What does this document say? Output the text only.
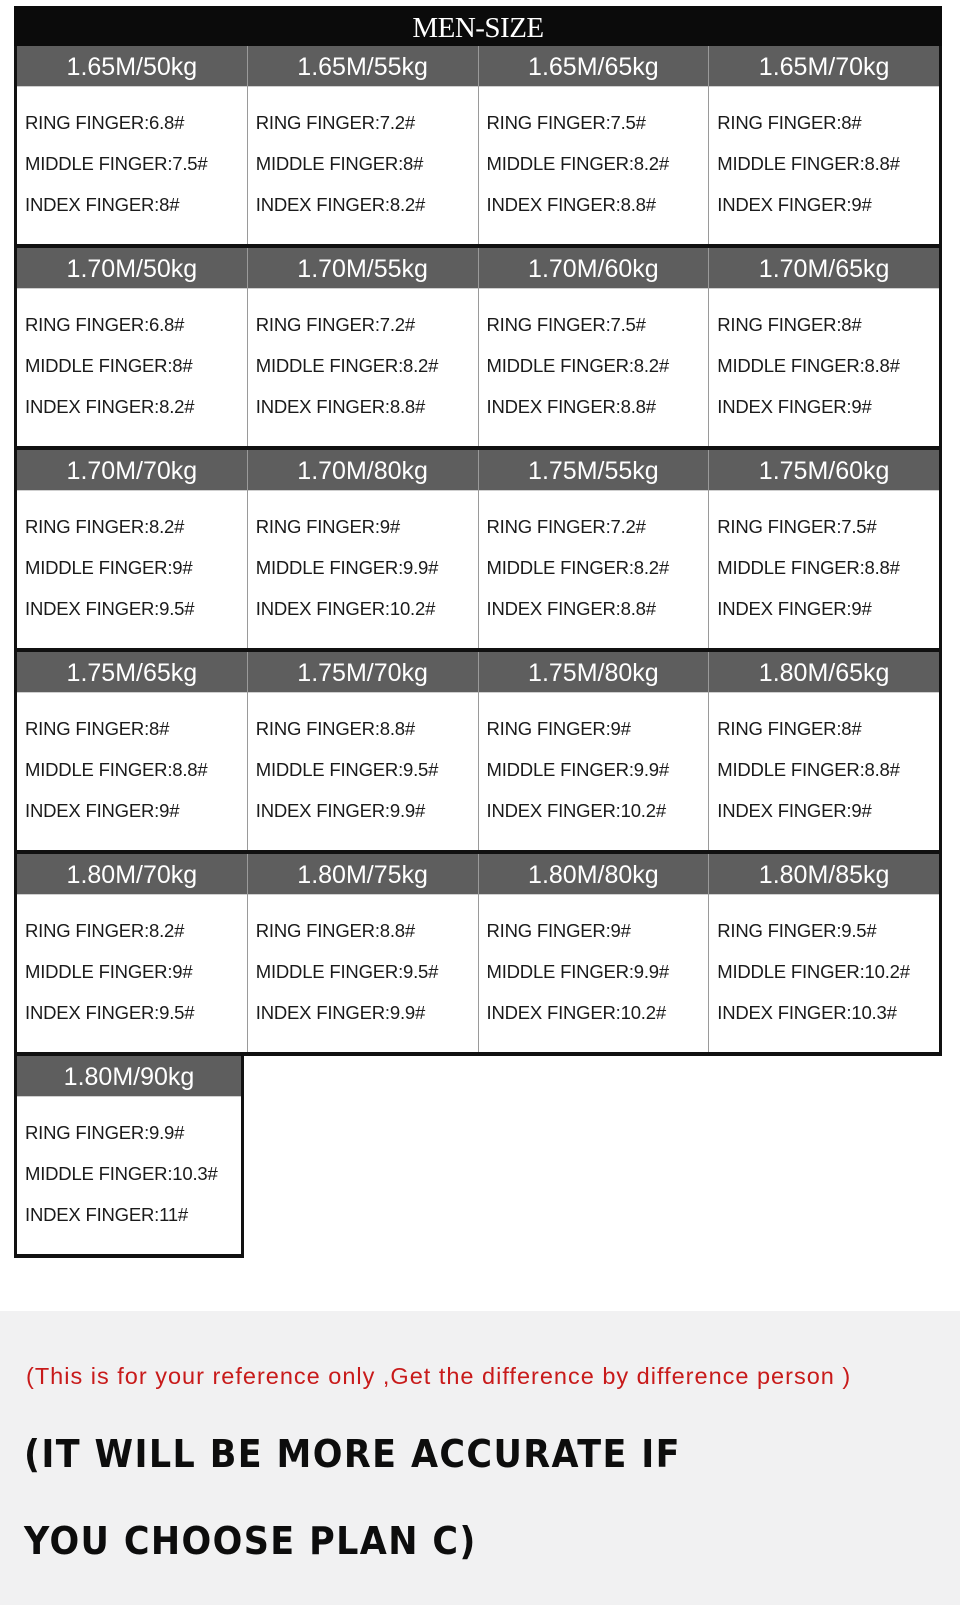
MEN-SIZE
1.65M/50kg
RING FINGER:6.8#
MIDDLE FINGER:7.5#
INDEX FINGER:8#
1.65M/55kg
RING FINGER:7.2#
MIDDLE FINGER:8#
INDEX FINGER:8.2#
1.65M/65kg
RING FINGER:7.5#
MIDDLE FINGER:8.2#
INDEX FINGER:8.8#
1.65M/70kg
RING FINGER:8#
MIDDLE FINGER:8.8#
INDEX FINGER:9#
1.70M/50kg
RING FINGER:6.8#
MIDDLE FINGER:8#
INDEX FINGER:8.2#
1.70M/55kg
RING FINGER:7.2#
MIDDLE FINGER:8.2#
INDEX FINGER:8.8#
1.70M/60kg
RING FINGER:7.5#
MIDDLE FINGER:8.2#
INDEX FINGER:8.8#
1.70M/65kg
RING FINGER:8#
MIDDLE FINGER:8.8#
INDEX FINGER:9#
1.70M/70kg
RING FINGER:8.2#
MIDDLE FINGER:9#
INDEX FINGER:9.5#
1.70M/80kg
RING FINGER:9#
MIDDLE FINGER:9.9#
INDEX FINGER:10.2#
1.75M/55kg
RING FINGER:7.2#
MIDDLE FINGER:8.2#
INDEX FINGER:8.8#
1.75M/60kg
RING FINGER:7.5#
MIDDLE FINGER:8.8#
INDEX FINGER:9#
1.75M/65kg
RING FINGER:8#
MIDDLE FINGER:8.8#
INDEX FINGER:9#
1.75M/70kg
RING FINGER:8.8#
MIDDLE FINGER:9.5#
INDEX FINGER:9.9#
1.75M/80kg
RING FINGER:9#
MIDDLE FINGER:9.9#
INDEX FINGER:10.2#
1.80M/65kg
RING FINGER:8#
MIDDLE FINGER:8.8#
INDEX FINGER:9#
1.80M/70kg
RING FINGER:8.2#
MIDDLE FINGER:9#
INDEX FINGER:9.5#
1.80M/75kg
RING FINGER:8.8#
MIDDLE FINGER:9.5#
INDEX FINGER:9.9#
1.80M/80kg
RING FINGER:9#
MIDDLE FINGER:9.9#
INDEX FINGER:10.2#
1.80M/85kg
RING FINGER:9.5#
MIDDLE FINGER:10.2#
INDEX FINGER:10.3#
1.80M/90kg
RING FINGER:9.9#
MIDDLE FINGER:10.3#
INDEX FINGER:11#
(This is for your reference only ,Get the difference by difference person )
(IT WILL BE MORE ACCURATE IF
YOU CHOOSE PLAN C)
